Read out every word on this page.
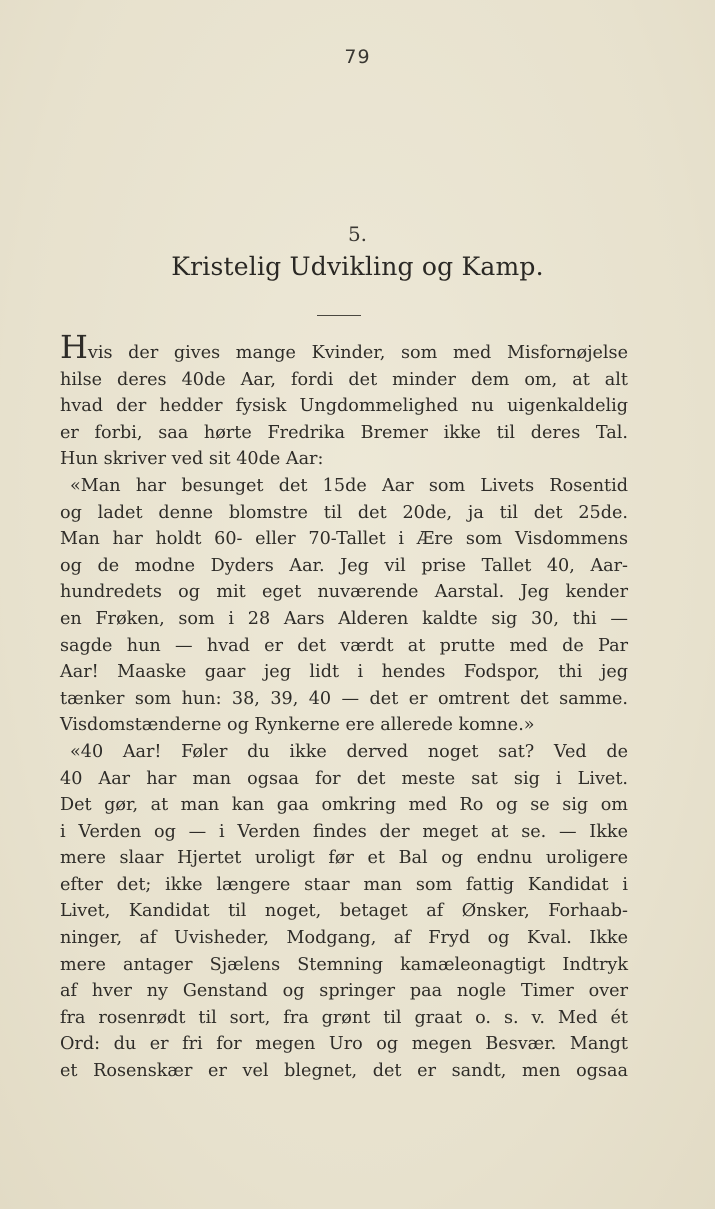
79
5.
Kristelig Udvikling og Kamp.
Hvis der gives mange Kvinder, som med Misfornøjelse
hilse deres 40de Aar, fordi det minder dem om, at alt
hvad der hedder fysisk Ungdommelighed nu uigenkaldelig
er forbi, saa hørte Fredrika Bremer ikke til deres Tal.
Hun skriver ved sit 40de Aar:
«Man har besunget det 15de Aar som Livets Rosentid
og ladet denne blomstre til det 20de, ja til det 25de.
Man har holdt 60- eller 70-Tallet i Ære som Visdommens
og de modne Dyders Aar. Jeg vil prise Tallet 40, Aar-
hundredets og mit eget nuværende Aarstal. Jeg kender
en Frøken, som i 28 Aars Alderen kaldte sig 30, thi —
sagde hun — hvad er det værdt at prutte med de Par
Aar! Maaske gaar jeg lidt i hendes Fodspor, thi jeg
tænker som hun: 38, 39, 40 — det er omtrent det samme.
Visdomstænderne og Rynkerne ere allerede komne.»
«40 Aar! Føler du ikke derved noget sat? Ved de
40 Aar har man ogsaa for det meste sat sig i Livet.
Det gør, at man kan gaa omkring med Ro og se sig om
i Verden og — i Verden findes der meget at se. — Ikke
mere slaar Hjertet uroligt før et Bal og endnu uroligere
efter det; ikke længere staar man som fattig Kandidat i
Livet, Kandidat til noget, betaget af Ønsker, Forhaab-
ninger, af Uvisheder, Modgang, af Fryd og Kval. Ikke
mere antager Sjælens Stemning kamæleonagtigt Indtryk
af hver ny Genstand og springer paa nogle Timer over
fra rosenrødt til sort, fra grønt til graat o. s. v. Med ét
Ord: du er fri for megen Uro og megen Besvær. Mangt
et Rosenskær er vel blegnet, det er sandt, men ogsaa
